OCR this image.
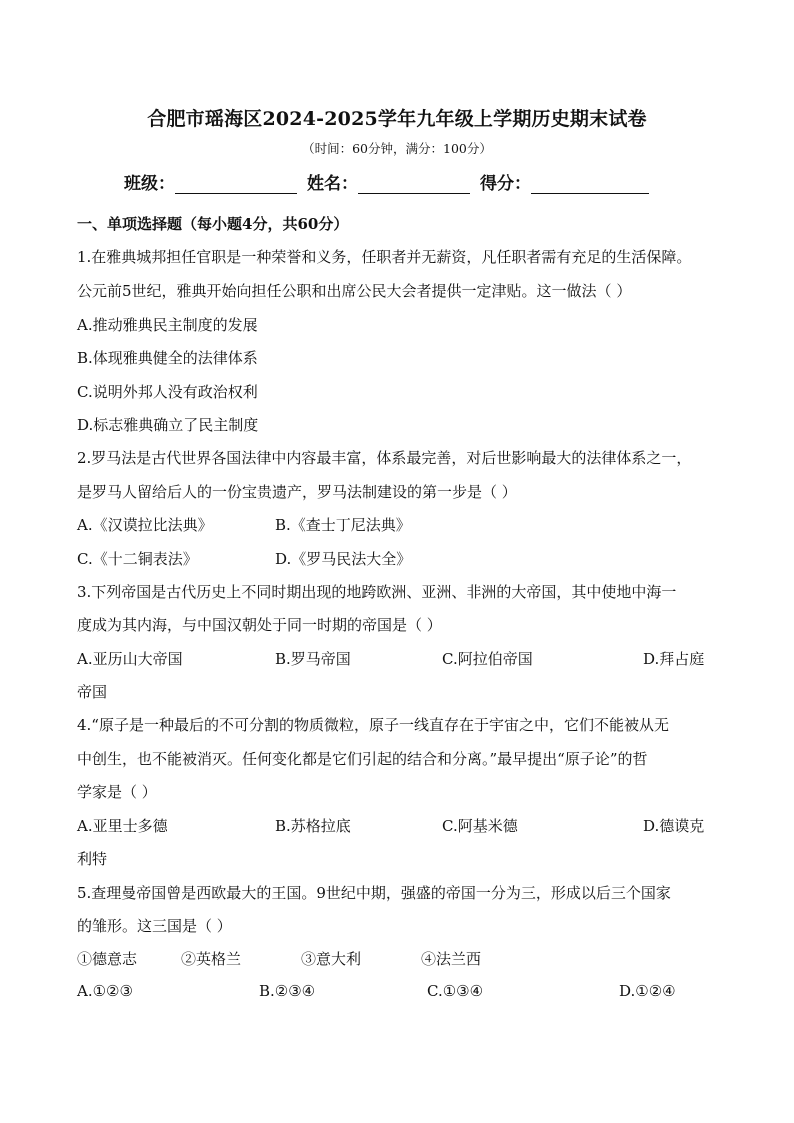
合肥市瑶海区2024-2025学年九年级上学期历史期末试卷
（时间：60分钟，满分：100分）
班级：	姓名：	得分：
一、单项选择题（每小题4分，共60分）
1.在雅典城邦担任官职是一种荣誉和义务，任职者并无薪资，凡任职者需有充足的生活保障。
公元前5世纪，雅典开始向担任公职和出席公民大会者提供一定津贴。这一做法（ ）
A.推动雅典民主制度的发展
B.体现雅典健全的法律体系
C.说明外邦人没有政治权利
D.标志雅典确立了民主制度
2.罗马法是古代世界各国法律中内容最丰富，体系最完善，对后世影响最大的法律体系之一，
是罗马人留给后人的一份宝贵遗产，罗马法制建设的第一步是（ ）
A.《汉谟拉比法典》	B.《查士丁尼法典》
C.《十二铜表法》	D.《罗马民法大全》
3.下列帝国是古代历史上不同时期出现的地跨欧洲、亚洲、非洲的大帝国，其中使地中海一
度成为其内海，与中国汉朝处于同一时期的帝国是（ ）
A.亚历山大帝国	B.罗马帝国	C.阿拉伯帝国	D.拜占庭
帝国
4.“原子是一种最后的不可分割的物质微粒，原子一线直存在于宇宙之中，它们不能被从无
中创生，也不能被消灭。任何变化都是它们引起的结合和分离。”最早提出“原子论”的哲
学家是（ ）
A.亚里士多德	B.苏格拉底	C.阿基米德	D.德谟克
利特
5.查理曼帝国曾是西欧最大的王国。9世纪中期，强盛的帝国一分为三，形成以后三个国家
的雏形。这三国是（ ）
①德意志	②英格兰	③意大利	④法兰西
A.①②③	B.②③④	C.①③④	D.①②④
